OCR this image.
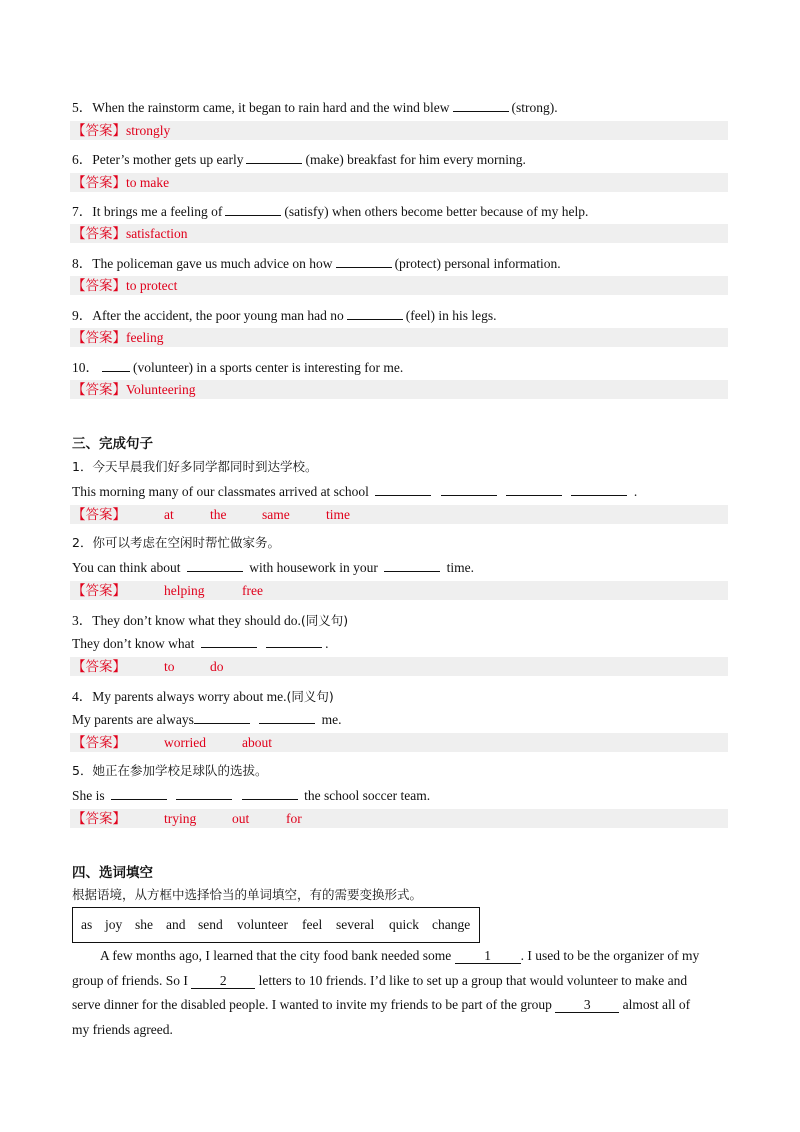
5．When the rainstorm came, it began to rain hard and the wind blew	(strong).
【答案】strongly
6．Peter’s mother gets up early	(make) breakfast for him every morning.
【答案】to make
7．It brings me a feeling of	(satisfy) when others become better because of my help.
【答案】satisfaction
8．The policeman gave us much advice on how	(protect) personal information.
【答案】to protect
9．After the accident, the poor young man had no	(feel) in his legs.
【答案】feeling
10．	(volunteer) in a sports center is interesting for me.
【答案】Volunteering
三、完成句子
1．今天早晨我们好多同学都同时到达学校。
This morning many of our classmates arrived at school	.
【答案】	at	the	same	time
2．你可以考虑在空闲时帮忙做家务。
You can think about	with housework in your	time.
【答案】	helping	free
3．They don’t know what they should do.(同义句)
They don’t know what	.
【答案】	to	do
4．My parents always worry about me.(同义句)
My parents are always	me.
【答案】	worried	about
5．她正在参加学校足球队的选拔。
She is	the school soccer team.
【答案】	trying	out	for
四、选词填空
根据语境，从方框中选择恰当的单词填空，有的需要变换形式。
as joy she and send volunteer feel several quick change
A few months ago, I learned that the city food bank needed some 1 . I used to be the organizer of my
group of friends. So I 2 letters to 10 friends. I’d like to set up a group that would volunteer to make and
serve dinner for the disabled people. I wanted to invite my friends to be part of the group 3 almost all of
my friends agreed.
